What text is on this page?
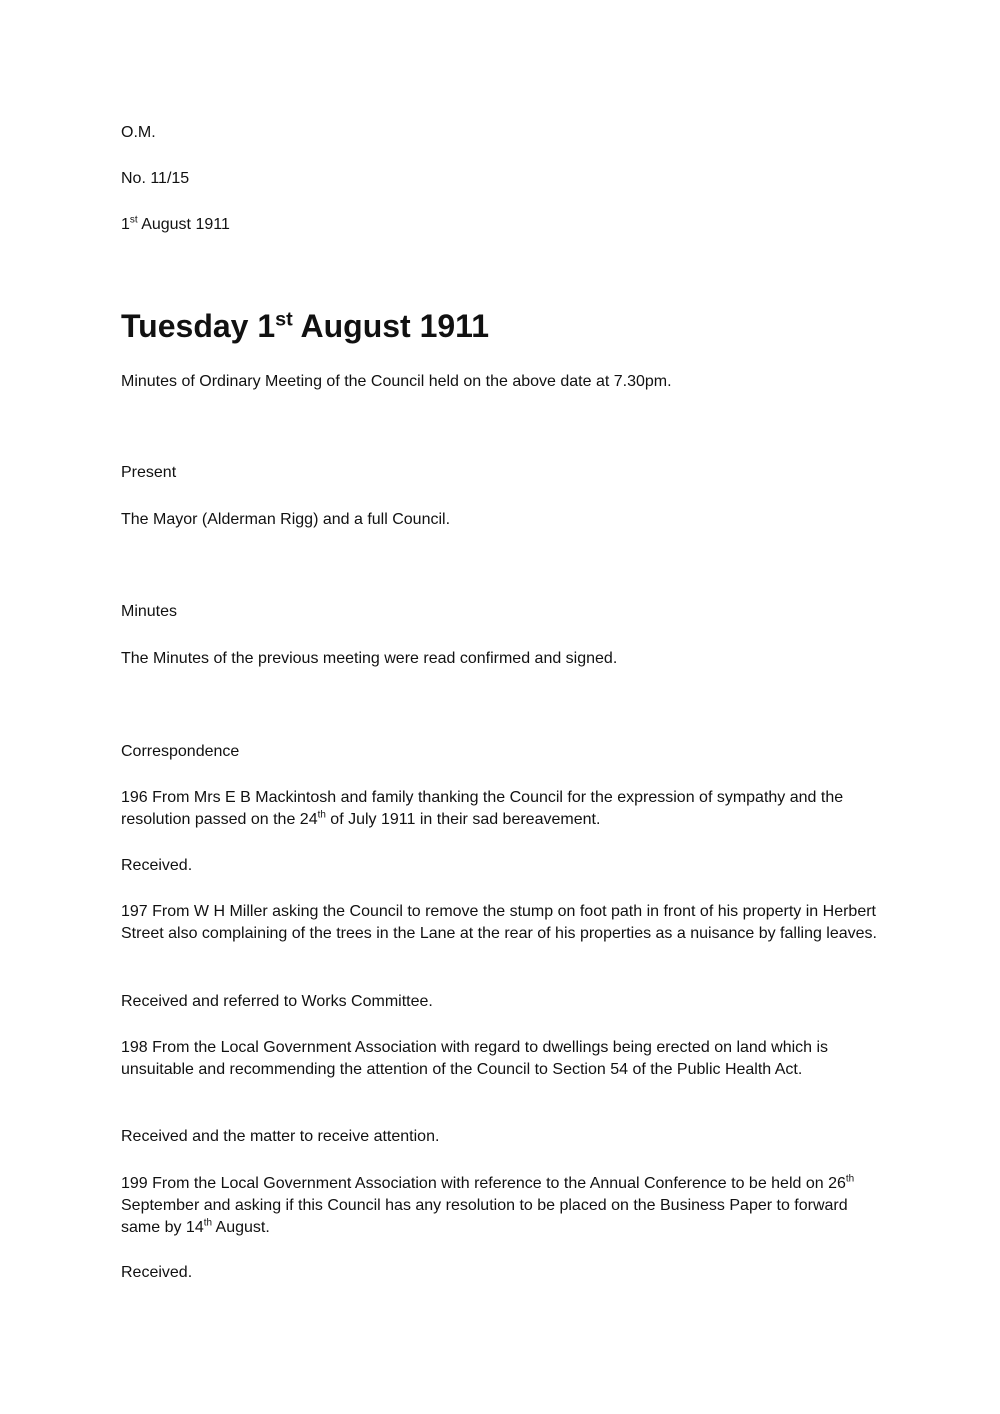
O.M.

No. 11/15

1st August 1911

Tuesday 1st August 1911

Minutes of Ordinary Meeting of the Council held on the above date at 7.30pm.

Present

The Mayor (Alderman Rigg) and a full Council.

Minutes

The Minutes of the previous meeting were read confirmed and signed.

Correspondence

196 From Mrs E B Mackintosh and family thanking the Council for the expression of sympathy and the resolution passed on the 24th of July 1911 in their sad bereavement.

Received.

197 From W H Miller asking the Council to remove the stump on foot path in front of his property in Herbert Street also complaining of the trees in the Lane at the rear of his properties as a nuisance by falling leaves.

Received and referred to Works Committee.

198 From the Local Government Association with regard to dwellings being erected on land which is unsuitable and recommending the attention of the Council to Section 54 of the Public Health Act.

Received and the matter to receive attention.

199 From the Local Government Association with reference to the Annual Conference to be held on 26th September and asking if this Council has any resolution to be placed on the Business Paper to forward same by 14th August.

Received.
